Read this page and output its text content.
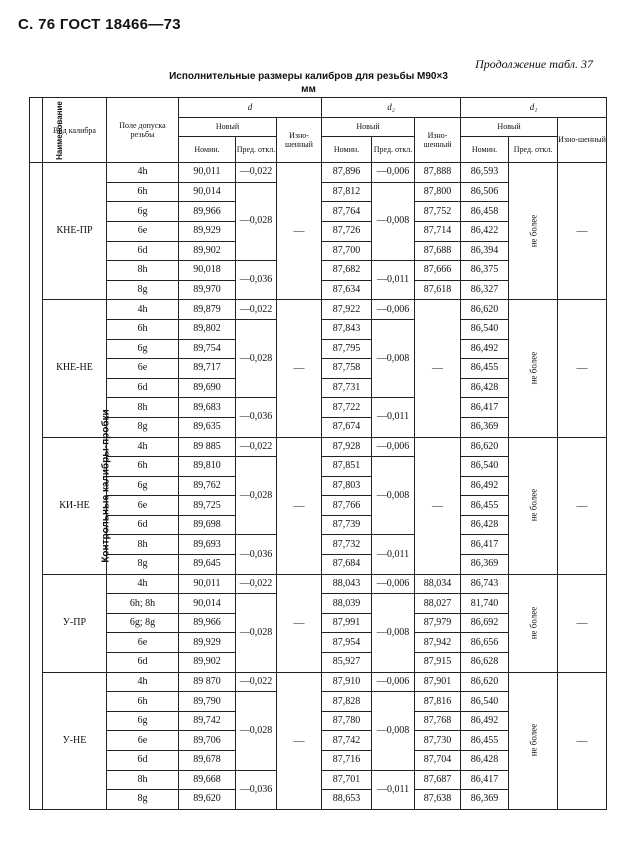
С. 76 ГОСТ 18466—73
Продолжение табл. 37
Исполнительные размеры калибров для резьбы М90×3
мм
Наименование	Вид калибра	Поле допуска резьбы	d			d₂			d₁		
			Новый		Изно-шенный	Новый		Изно-шенный	Новый		Изно-шенный
			Номин.	Пред. откл.		Номин.	Пред. откл.		Номин.	Пред. откл.	
Контрольные калибры-пробки	КНЕ-ПР	4h	90,011	—0,022	—	87,896	—0,006	87,888	86,593	не более	—
		6h	90,014	—0,028		87,812	—0,008	87,800	86,506		
		6g	89,966			87,764		87,752	86,458		
		6e	89,929			87,726		87,714	86,422		
		6d	89,902			87,700		87,688	86,394		
		8h	90,018	—0,036		87,682	—0,011	87,666	86,375		
		8g	89,970			87,634		87,618	86,327		
	КНЕ-НЕ	4h	89,879	—0,022	—	87,922	—0,006	—	86,620	не более	—
		6h	89,802	—0,028		87,843	—0,008		86,540		
		6g	89,754			87,795			86,492		
		6e	89,717			87,758			86,455		
		6d	89,690			87,731			86,428		
		8h	89,683	—0,036		87,722	—0,011		86,417		
		8g	89,635			87,674			86,369		
	КИ-НЕ	4h	89 885	—0,022	—	87,928	—0,006	—	86,620	не более	—
		6h	89,810	—0,028		87,851	—0,008		86,540		
		6g	89,762			87,803			86,492		
		6e	89,725			87,766			86,455		
		6d	89,698			87,739			86,428		
		8h	89,693	—0,036		87,732	—0,011		86,417		
		8g	89,645			87,684			86,369		
	У-ПР	4h	90,011	—0,022	—	88,043	—0,006	88,034	86,743	не более	—
		6h; 8h	90,014	—0,028		88,039	—0,008	88,027	81,740		
		6g; 8g	89,966			87,991		87,979	86,692		
		6e	89,929			87,954		87,942	86,656		
		6d	89,902			85,927		87,915	86,628		
	У-НЕ	4h	89 870	—0,022	—	87,910	—0,006	87,901	86,620	не более	—
		6h	89,790	—0,028		87,828	—0,008	87,816	86,540		
		6g	89,742			87,780		87,768	86,492		
		6e	89,706			87,742		87,730	86,455		
		6d	89,678			87,716		87,704	86,428		
		8h	89,668	—0,036		87,701	—0,011	87,687	86,417		
		8g	89,620			88,653		87,638	86,369		
